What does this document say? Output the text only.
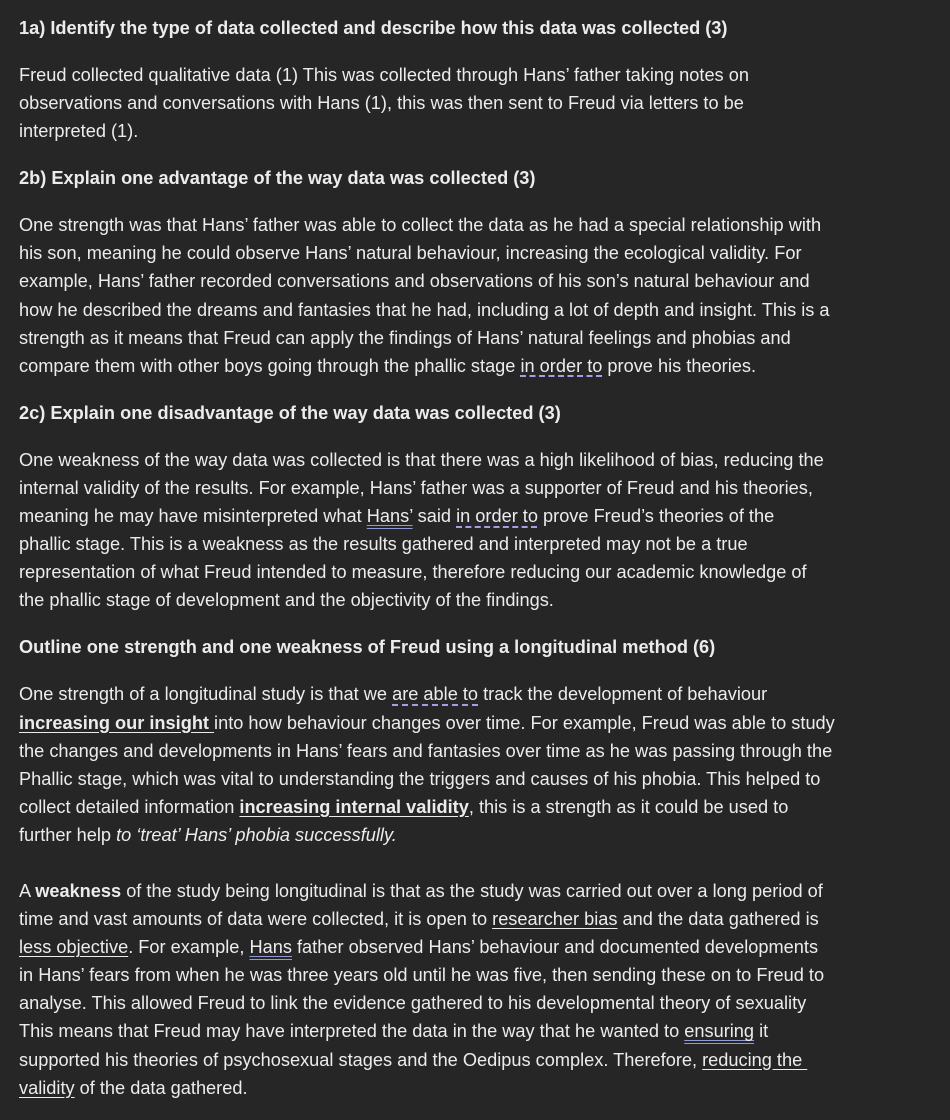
1a) Identify the type of data collected and describe how this data was collected (3)
Freud collected qualitative data (1) This was collected through Hans’ father taking notes on
observations and conversations with Hans (1), this was then sent to Freud via letters to be
interpreted (1).
2b) Explain one advantage of the way data was collected (3)
One strength was that Hans’ father was able to collect the data as he had a special relationship with
his son, meaning he could observe Hans’ natural behaviour, increasing the ecological validity. For
example, Hans’ father recorded conversations and observations of his son’s natural behaviour and
how he described the dreams and fantasies that he had, including a lot of depth and insight. This is a
strength as it means that Freud can apply the findings of Hans’ natural feelings and phobias and
compare them with other boys going through the phallic stage in order to prove his theories.
2c) Explain one disadvantage of the way data was collected (3)
One weakness of the way data was collected is that there was a high likelihood of bias, reducing the
internal validity of the results. For example, Hans’ father was a supporter of Freud and his theories,
meaning he may have misinterpreted what Hans’ said in order to prove Freud’s theories of the
phallic stage. This is a weakness as the results gathered and interpreted may not be a true
representation of what Freud intended to measure, therefore reducing our academic knowledge of
the phallic stage of development and the objectivity of the findings.
Outline one strength and one weakness of Freud using a longitudinal method (6)
One strength of a longitudinal study is that we are able to track the development of behaviour
increasing our insight into how behaviour changes over time. For example, Freud was able to study
the changes and developments in Hans’ fears and fantasies over time as he was passing through the
Phallic stage, which was vital to understanding the triggers and causes of his phobia. This helped to
collect detailed information increasing internal validity, this is a strength as it could be used to
further help to ‘treat’ Hans’ phobia successfully.
A weakness of the study being longitudinal is that as the study was carried out over a long period of
time and vast amounts of data were collected, it is open to researcher bias and the data gathered is
less objective. For example, Hans father observed Hans’ behaviour and documented developments
in Hans’ fears from when he was three years old until he was five, then sending these on to Freud to
analyse. This allowed Freud to link the evidence gathered to his developmental theory of sexuality
This means that Freud may have interpreted the data in the way that he wanted to ensuring it
supported his theories of psychosexual stages and the Oedipus complex. Therefore, reducing the
validity of the data gathered.
